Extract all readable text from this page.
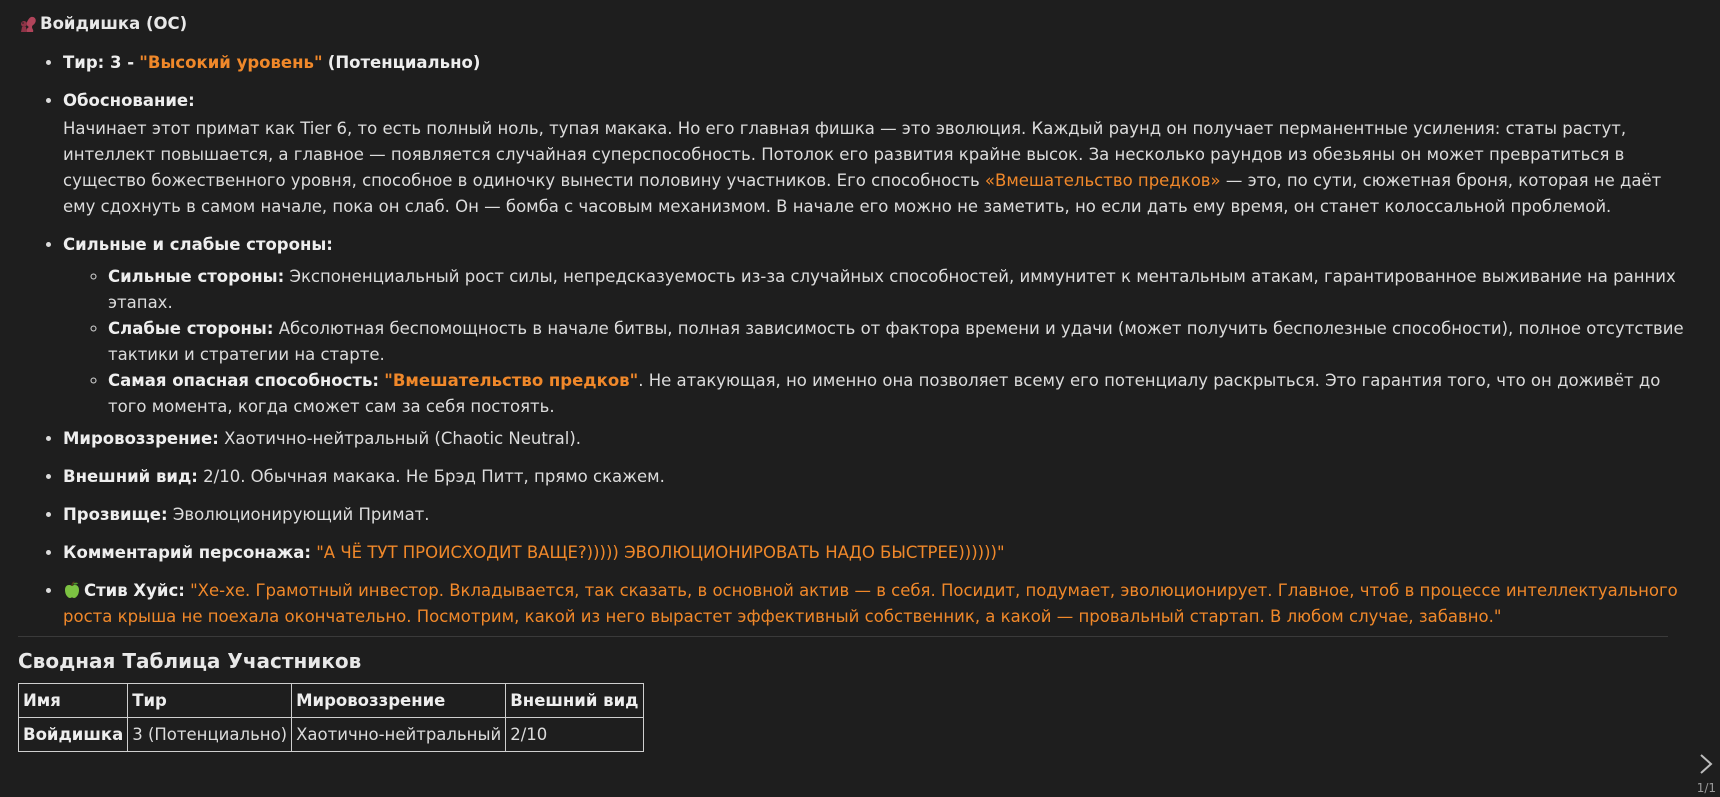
Войдишка (ОС)
• Тир: 3 - "Высокий уровень" (Потенциально)
• Обоснование:
Начинает этот примат как Tier 6, то есть полный ноль, тупая макака. Но его главная фишка — это эволюция. Каждый раунд он получает перманентные усиления: статы растут, интеллект повышается, а главное — появляется случайная суперспособность. Потолок его развития крайне высок. За несколько раундов из обезьяны он может превратиться в существо божественного уровня, способное в одиночку вынести половину участников. Его способность «Вмешательство предков» — это, по сути, сюжетная броня, которая не даёт ему сдохнуть в самом начале, пока он слаб. Он — бомба с часовым механизмом. В начале его можно не заметить, но если дать ему время, он станет колоссальной проблемой.
• Сильные и слабые стороны:
◦ Сильные стороны: Экспоненциальный рост силы, непредсказуемость из-за случайных способностей, иммунитет к ментальным атакам, гарантированное выживание на ранних этапах.
◦ Слабые стороны: Абсолютная беспомощность в начале битвы, полная зависимость от фактора времени и удачи (может получить бесполезные способности), полное отсутствие тактики и стратегии на старте.
◦ Самая опасная способность: "Вмешательство предков". Не атакующая, но именно она позволяет всему его потенциалу раскрыться. Это гарантия того, что он доживёт до того момента, когда сможет сам за себя постоять.
• Мировоззрение: Хаотично-нейтральный (Chaotic Neutral).
• Внешний вид: 2/10. Обычная макака. Не Брэд Питт, прямо скажем.
• Прозвище: Эволюционирующий Примат.
• Комментарий персонажа: "А ЧЁ ТУТ ПРОИСХОДИТ ВАЩЕ?))))) ЭВОЛЮЦИОНИРОВАТЬ НАДО БЫСТРЕЕ))))))"
• Стив Хуйс: "Хе-хе. Грамотный инвестор. Вкладывается, так сказать, в основной актив — в себя. Посидит, подумает, эволюционирует. Главное, чтоб в процессе интеллектуального роста крыша не поехала окончательно. Посмотрим, какой из него вырастет эффективный собственник, а какой — провальный стартап. В любом случае, забавно."
Сводная Таблица Участников
Имя	Тир	Мировоззрение	Внешний вид
Войдишка	3 (Потенциально)	Хаотично-нейтральный	2/10
1/1
